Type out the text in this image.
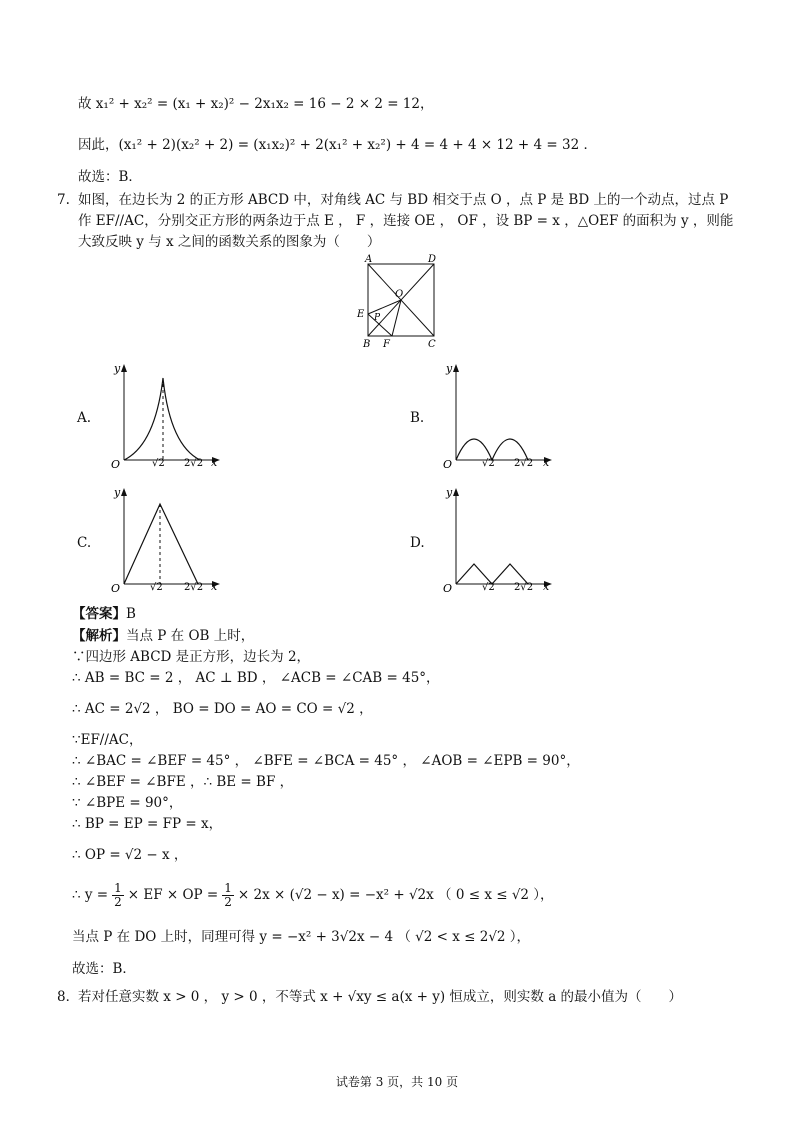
故 x₁² + x₂² = (x₁ + x₂)² − 2x₁x₂ = 16 − 2 × 2 = 12，
因此，(x₁² + 2)(x₂² + 2) = (x₁x₂)² + 2(x₁² + x₂²) + 4 = 4 + 4 × 12 + 4 = 32 ．
故选：B．
7. 如图，在边长为 2 的正方形 ABCD 中，对角线 AC 与 BD 相交于点 O ，点 P 是 BD 上的一个动点，过点 P
作 EF//AC，分别交正方形的两条边于点 E ， F ，连接 OE ， OF ，设 BP = x ，△OEF 的面积为 y ，则能
大致反映 y 与 x 之间的函数关系的图象为（　　）
A	D
O
E P
B F	C
A.
y
O	√2 2√2 x
B.
y
O	√2 2√2 x
C.
y
O	√2 2√2 x
D.
y
O	√2 2√2 x
【答案】B
【解析】当点 P 在 OB 上时，
∵四边形 ABCD 是正方形，边长为 2，
∴ AB = BC = 2 ， AC ⊥ BD ， ∠ACB = ∠CAB = 45°，
∴ AC = 2√2 ， BO = DO = AO = CO = √2 ，
∵EF//AC，
∴ ∠BAC = ∠BEF = 45° ， ∠BFE = ∠BCA = 45° ， ∠AOB = ∠EPB = 90°，
∴ ∠BEF = ∠BFE ，∴ BE = BF ，
∵ ∠BPE = 90°，
∴ BP = EP = FP = x，
∴ OP = √2 − x ，
∴ $y = \frac{1}{2}$ × EF × OP = $\frac{1}{2} \times 2x \times (√2 - x) = -x^2 + √2x$ （ 0 ≤ x ≤ √2 ），
当点 P 在 DO 上时，同理可得 y = −x² + 3√2x − 4 （ √2 < x ≤ 2√2 ），
故选：B．
8．
若对任意实数 x > 0 ， y > 0 ，不等式 x + √xy ≤ a(x + y) 恒成立，则实数 a 的最小值为（　　）
试卷第 3 页，共 10 页
